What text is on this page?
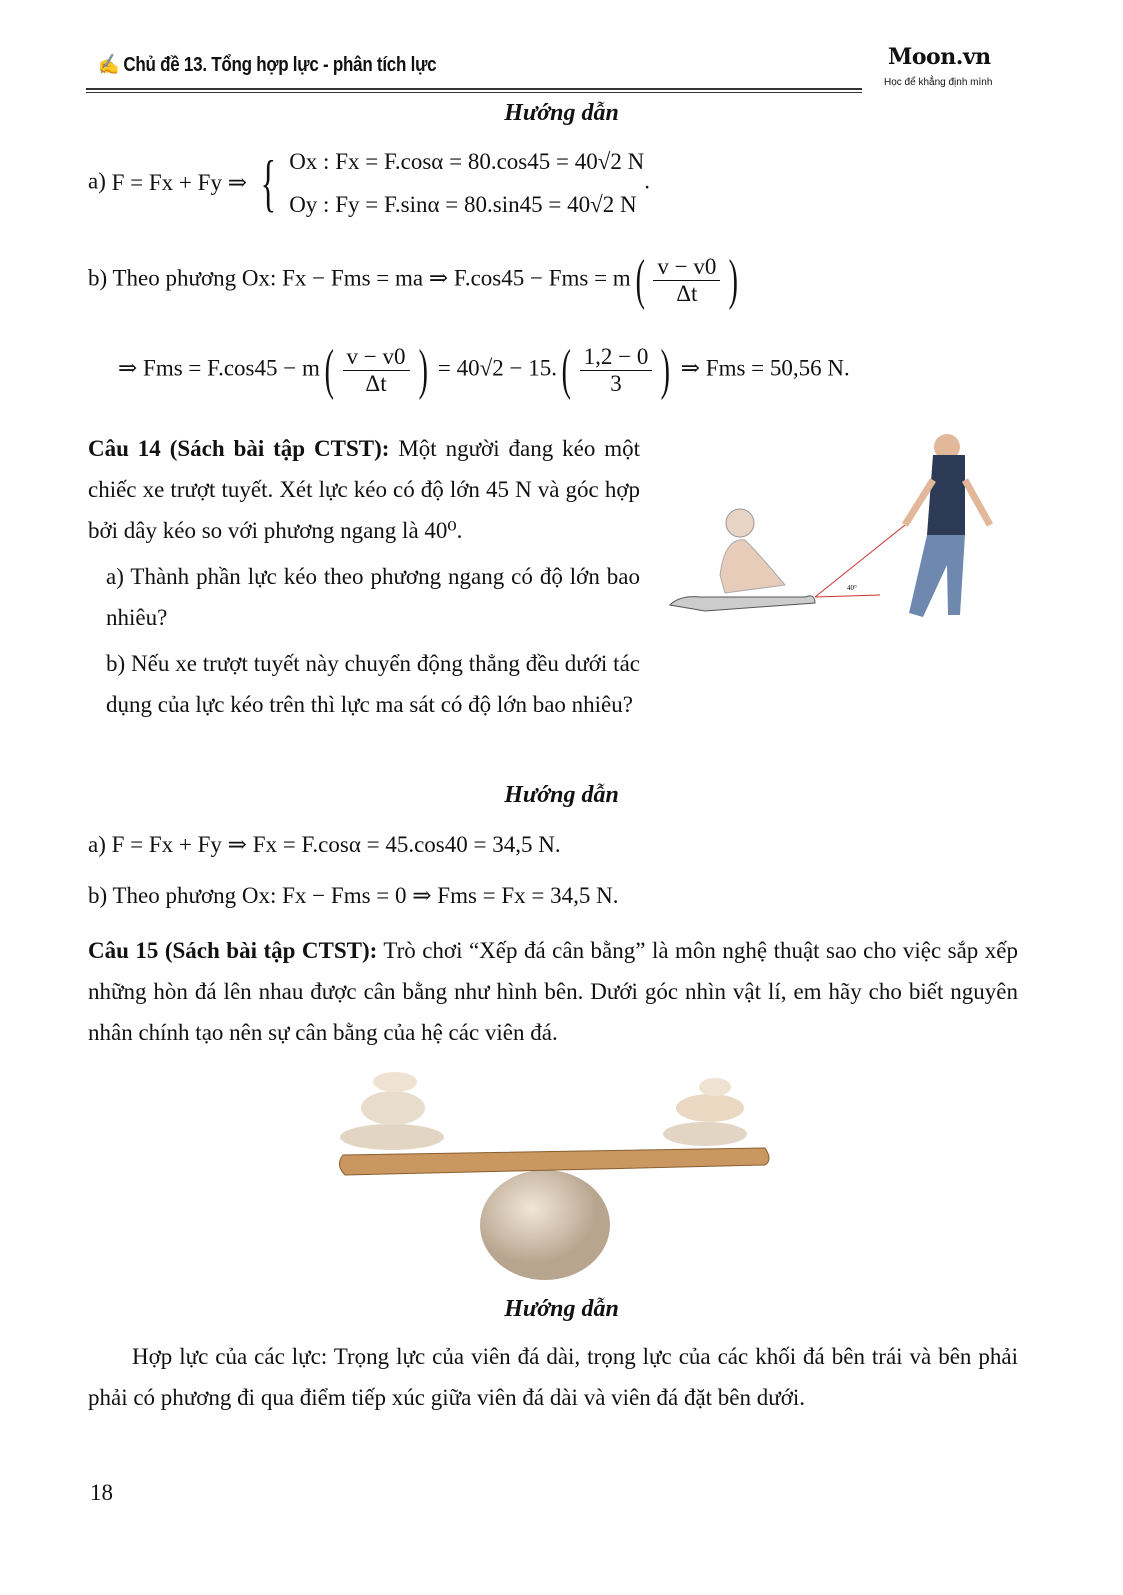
✍ Chủ đề 13. Tổng hợp lực - phân tích lực	Moon.vn
Học để khẳng định mình
Hướng dẫn
a) F = Fx + Fy ⇒ { Ox : Fx = F.cosα = 80.cos45 = 40√2 N
Oy : Fy = F.sinα = 80.sin45 = 40√2 N
.
b) Theo phương Ox: Fx − Fms = ma ⇒ F.cos45 − Fms = $m( \frac{v - v0}{\Delta t}$ )
⇒ Fms = $F.\cos 45 - m( \frac{v - v0}{\Delta t}$ ) = $40√2 - 15.( \frac{1,2 - 0}{3}$ ) ⇒ Fms = 50,56 N.
Câu 14 (Sách bài tập CTST): Một người đang kéo một chiếc xe trượt tuyết. Xét lực kéo có độ lớn 45 N và góc hợp bởi dây kéo so với phương ngang là 40⁰.
a) Thành phần lực kéo theo phương ngang có độ lớn bao nhiêu?
b) Nếu xe trượt tuyết này chuyển động thẳng đều dưới tác dụng của lực kéo trên thì lực ma sát có độ lớn bao nhiêu?
40°
Hướng dẫn
a) F = Fx + Fy ⇒ Fx = F.cosα = 45.cos40 = 34,5 N.
b) Theo phương Ox: Fx − Fms = 0 ⇒ Fms = Fx = 34,5 N.
Câu 15 (Sách bài tập CTST): Trò chơi “Xếp đá cân bằng” là môn nghệ thuật sao cho việc sắp xếp những hòn đá lên nhau được cân bằng như hình bên. Dưới góc nhìn vật lí, em hãy cho biết nguyên nhân chính tạo nên sự cân bằng của hệ các viên đá.
Hướng dẫn
Hợp lực của các lực: Trọng lực của viên đá dài, trọng lực của các khối đá bên trái và bên phải phải có phương đi qua điểm tiếp xúc giữa viên đá dài và viên đá đặt bên dưới.
18
